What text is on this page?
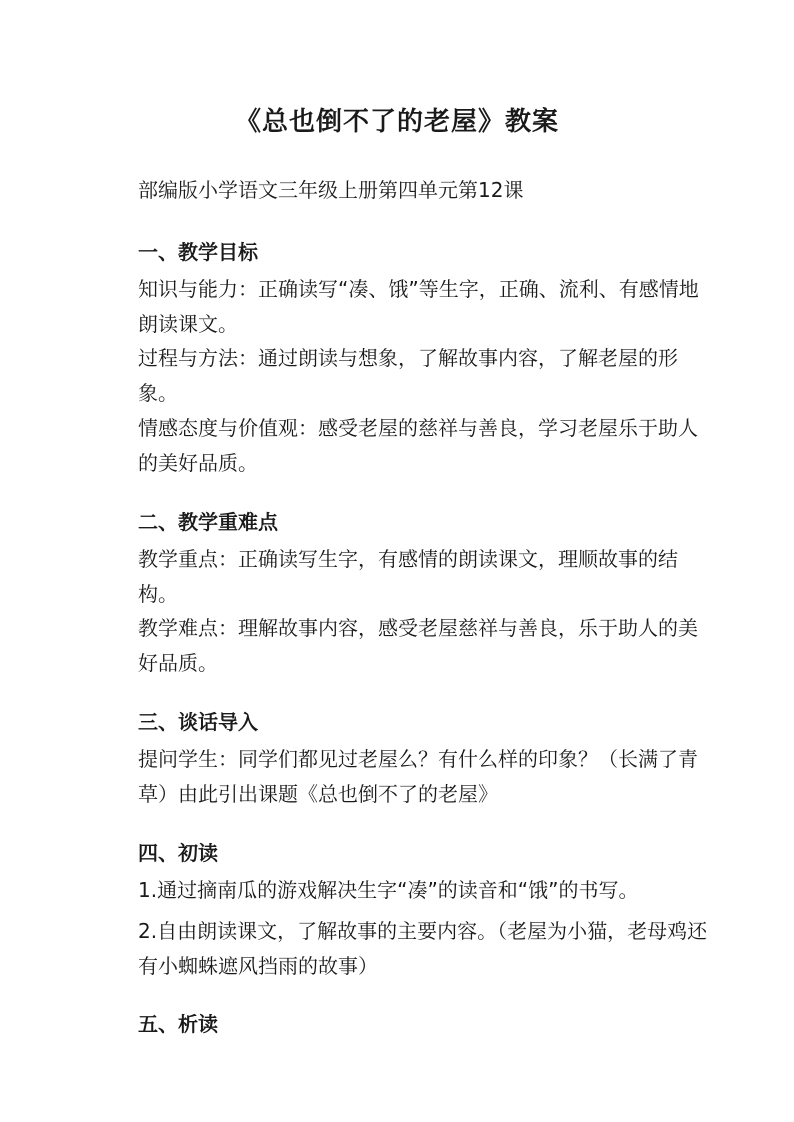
《总也倒不了的老屋》教案
部编版小学语文三年级上册第四单元第12课
一、教学目标
知识与能力：正确读写“凑、饿”等生字，正确、流利、有感情地朗读课文。
过程与方法：通过朗读与想象，了解故事内容，了解老屋的形象。
情感态度与价值观：感受老屋的慈祥与善良，学习老屋乐于助人的美好品质。
二、教学重难点
教学重点：正确读写生字，有感情的朗读课文，理顺故事的结构。
教学难点：理解故事内容，感受老屋慈祥与善良，乐于助人的美好品质。
三、谈话导入
提问学生：同学们都见过老屋么？有什么样的印象？（长满了青草）由此引出课题《总也倒不了的老屋》
四、初读
1.通过摘南瓜的游戏解决生字“凑”的读音和“饿”的书写。
2.自由朗读课文，了解故事的主要内容。（老屋为小猫，老母鸡还有小蜘蛛遮风挡雨的故事）
五、析读
